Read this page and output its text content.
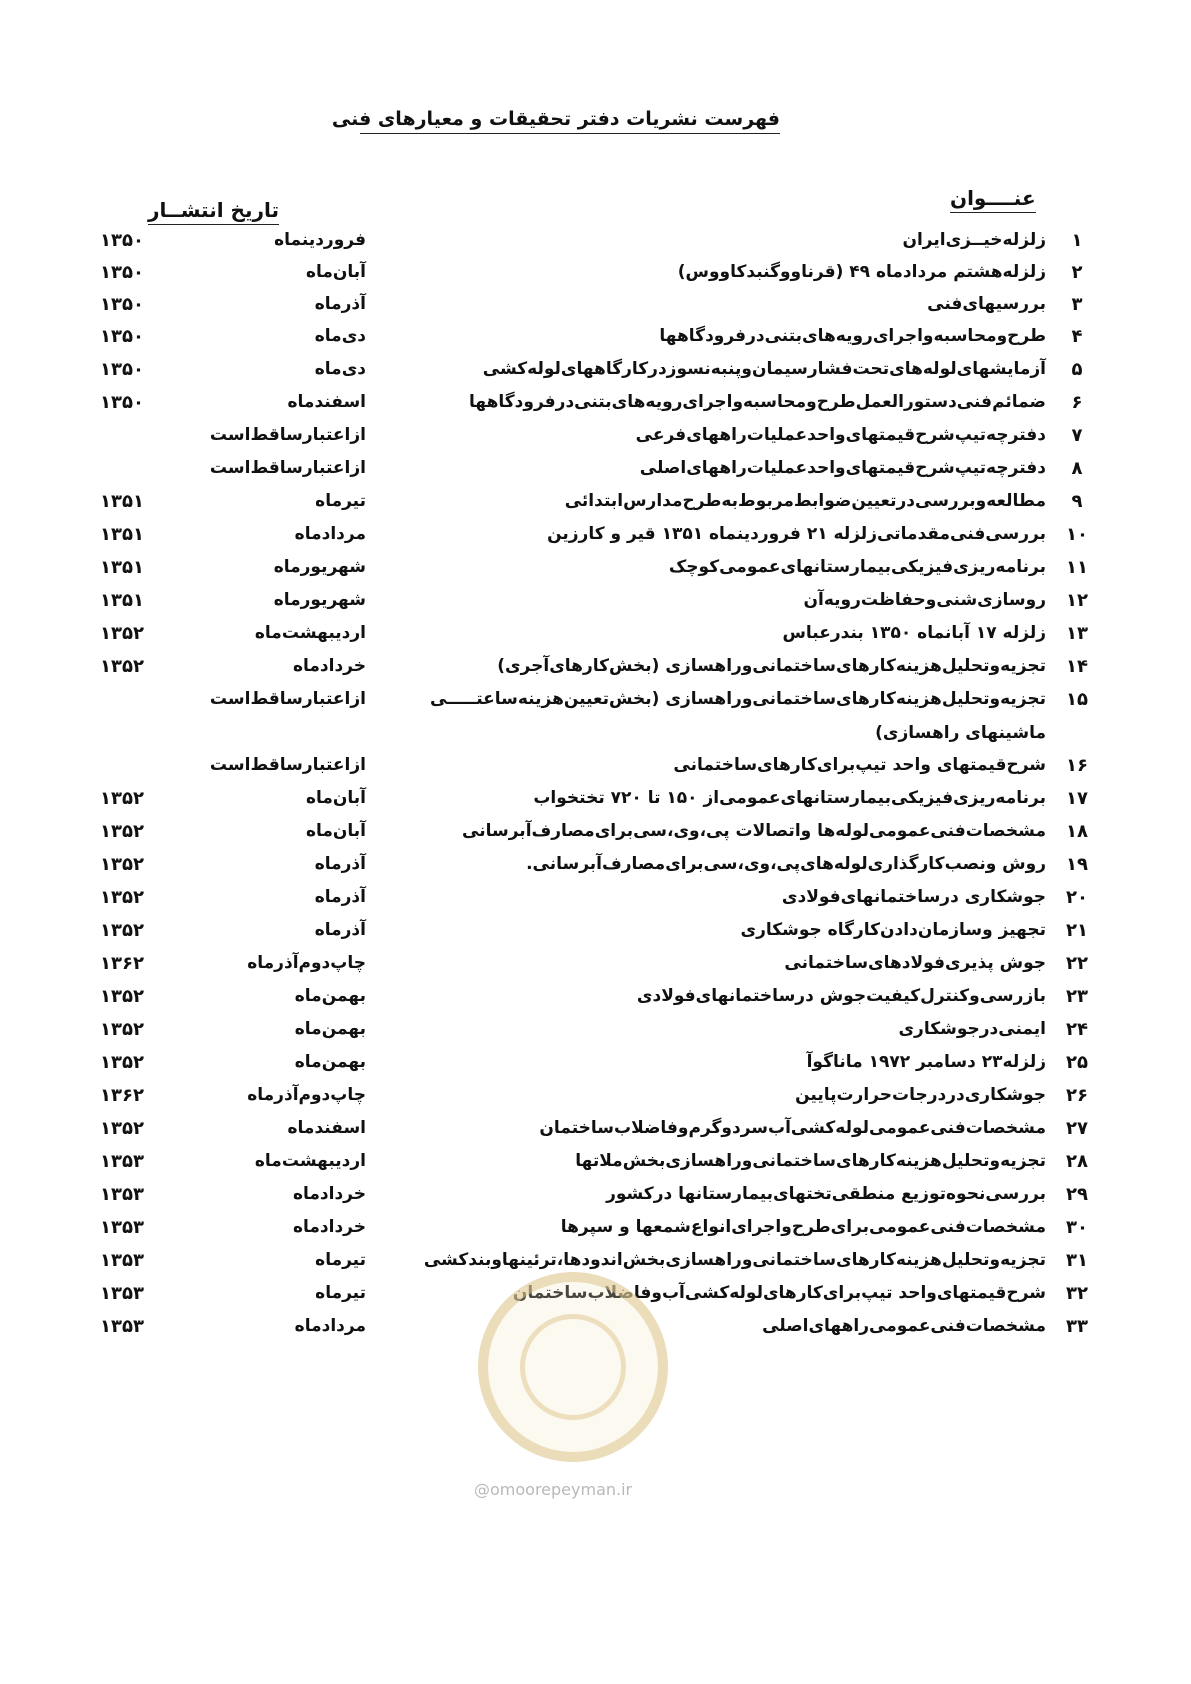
فهرست نشریات دفتر تحقیقات و معیارهای فنی
عنــــوان
تاریخ انتشــار
۱
زلزله‌خیــزی‌ایران
فروردینماه
۱۳۵۰
۲
زلزله‌هشتم مردادماه ۴۹ (قرناووگنبدکاووس)
آبان‌ماه
۱۳۵۰
۳
بررسیهای‌فنی
آذرماه
۱۳۵۰
۴
طرح‌ومحاسبه‌واجرای‌رویه‌های‌بتنی‌درفرودگاهها
دی‌ماه
۱۳۵۰
۵
آزمایشهای‌لوله‌های‌تحت‌فشارسیمان‌وپنبه‌نسوزدرکارگاههای‌لوله‌کشی
دی‌ماه
۱۳۵۰
۶
ضمائم‌فنی‌دستورالعمل‌طرح‌ومحاسبه‌واجرای‌رویه‌های‌بتنی‌درفرودگاهها
اسفندماه
۱۳۵۰
۷
دفترچه‌تیپ‌شرح‌قیمتهای‌واحد‌عملیات‌راههای‌فرعی
ازاعتبارساقط‌است
۸
دفترچه‌تیپ‌شرح‌قیمتهای‌واحد‌عملیات‌راههای‌اصلی
ازاعتبارساقط‌است
۹
مطالعه‌وبررسی‌درتعیین‌ضوابط‌مربوط‌به‌طرح‌مدارس‌ابتدائی
تیرماه
۱۳۵۱
۱۰
بررسی‌فنی‌مقدماتی‌زلزله ۲۱ فروردینماه ۱۳۵۱ قیر و کارزین
مردادماه
۱۳۵۱
۱۱
برنامه‌ریزی‌فیزیکی‌بیمارستانهای‌عمومی‌کوچک
شهریورماه
۱۳۵۱
۱۲
روسازی‌شنی‌وحفاظت‌رویه‌آن
شهریورماه
۱۳۵۱
۱۳
زلزله ۱۷ آبانماه ۱۳۵۰ بندرعباس
اردیبهشت‌ماه
۱۳۵۲
۱۴
تجزیه‌وتحلیل‌هزینه‌کارهای‌ساختمانی‌وراهسازی (بخش‌کارهای‌آجری)
خردادماه
۱۳۵۲
۱۵
تجزیه‌وتحلیل‌هزینه‌کارهای‌ساختمانی‌وراهسازی (بخش‌تعیین‌هزینه‌ساعتـــــی
ماشینهای راهسازی)
ازاعتبارساقط‌است
۱۶
شرح‌قیمتهای واحد تیپ‌برای‌کارهای‌ساختمانی
ازاعتبارساقط‌است
۱۷
برنامه‌ریزی‌فیزیکی‌بیمارستانهای‌عمومی‌از ۱۵۰ تا ۷۲۰ تختخواب
آبان‌ماه
۱۳۵۲
۱۸
مشخصات‌فنی‌عمومی‌لوله‌ها واتصالات پی،وی،سی‌برای‌مصارف‌آبرسانی
آبان‌ماه
۱۳۵۲
۱۹
روش ونصب‌کارگذاری‌لوله‌های‌پی،وی،سی‌برای‌مصارف‌آبرسانی.
آذرماه
۱۳۵۲
۲۰
جوشکاری درساختمانهای‌فولادی
آذرماه
۱۳۵۲
۲۱
تجهیز وسازمان‌دادن‌کارگاه جوشکاری
آذرماه
۱۳۵۲
۲۲
جوش پذیری‌فولادهای‌ساختمانی
چاپ‌دوم‌آذرماه
۱۳۶۲
۲۳
بازرسی‌وکنترل‌کیفیت‌جوش درساختمانهای‌فولادی
بهمن‌ماه
۱۳۵۲
۲۴
ایمنی‌درجوشکاری
بهمن‌ماه
۱۳۵۲
۲۵
زلزله۲۳ دسامبر ۱۹۷۲ ماناگوآ
بهمن‌ماه
۱۳۵۲
۲۶
جوشکاری‌دردرجات‌حرارت‌پایین
چاپ‌دوم‌آذرماه
۱۳۶۲
۲۷
مشخصات‌فنی‌عمومی‌لوله‌کشی‌آب‌سردوگرم‌وفاضلاب‌ساختمان
اسفندماه
۱۳۵۲
۲۸
تجزیه‌وتحلیل‌هزینه‌کارهای‌ساختمانی‌وراهسازی‌بخش‌ملاتها
اردیبهشت‌ماه
۱۳۵۳
۲۹
بررسی‌نحوه‌توزیع منطقی‌تختهای‌بیمارستانها درکشور
خردادماه
۱۳۵۳
۳۰
مشخصات‌فنی‌عمومی‌برای‌طرح‌واجرای‌انواع‌شمعها و سپرها
خردادماه
۱۳۵۳
۳۱
تجزیه‌وتحلیل‌هزینه‌کارهای‌ساختمانی‌وراهسازی‌بخش‌اندودها،ترئینهاوبندکشی
تیرماه
۱۳۵۳
۳۲
شرح‌قیمتهای‌واحد تیپ‌برای‌کارهای‌لوله‌کشی‌آب‌وفاضلاب‌ساختمان
تیرماه
۱۳۵۳
۳۳
مشخصات‌فنی‌عمومی‌راههای‌اصلی
مردادماه
۱۳۵۳
@omoorepeyman.ir
